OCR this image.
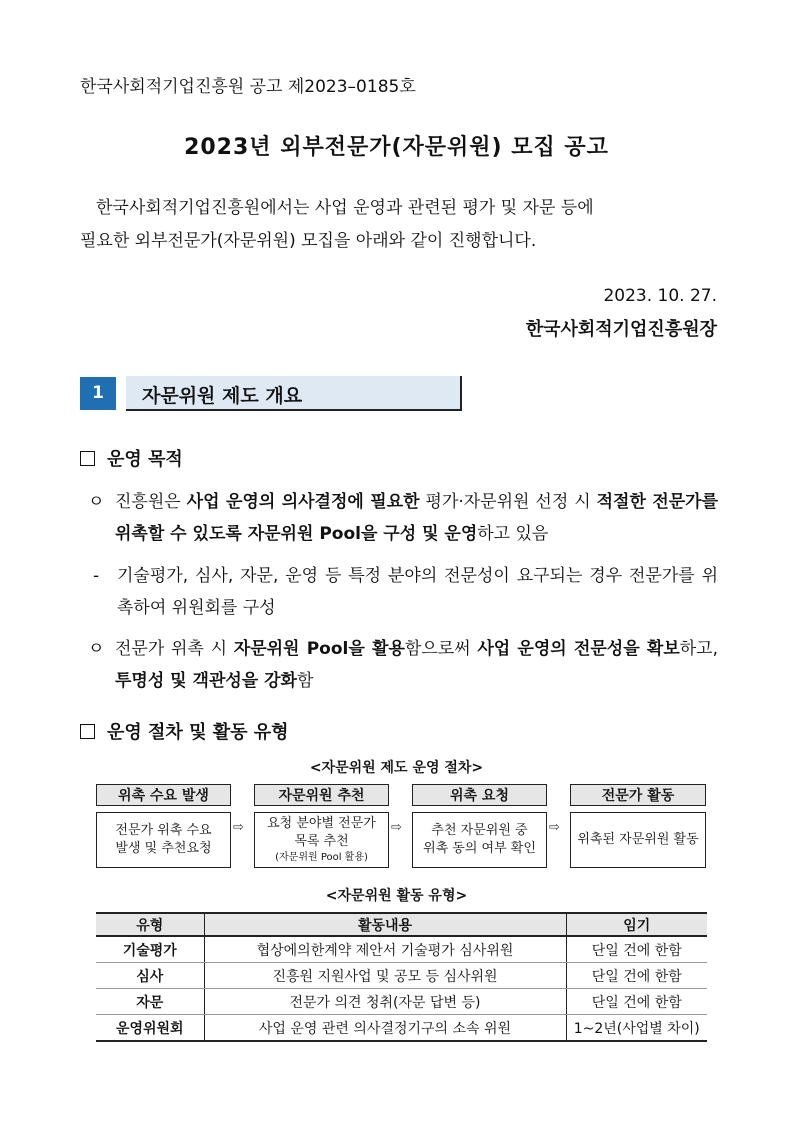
한국사회적기업진흥원 공고 제2023–0185호
2023년 외부전문가(자문위원) 모집 공고
한국사회적기업진흥원에서는 사업 운영과 관련된 평가 및 자문 등에
필요한 외부전문가(자문위원) 모집을 아래와 같이 진행합니다.
2023. 10. 27.
한국사회적기업진흥원장
1	자문위원 제도 개요
운영 목적
ㅇ 진흥원은 사업 운영의 의사결정에 필요한 평가·자문위원 선정 시 적절한 전문가를 위촉할 수 있도록 자문위원 Pool을 구성 및 운영하고 있음
- 기술평가, 심사, 자문, 운영 등 특정 분야의 전문성이 요구되는 경우 전문가를 위촉하여 위원회를 구성
ㅇ 전문가 위촉 시 자문위원 Pool을 활용함으로써 사업 운영의 전문성을 확보하고, 투명성 및 객관성을 강화함
운영 절차 및 활동 유형
<자문위원 제도 운영 절차>
위촉 수요 발생
전문가 위촉 수요
발생 및 추천요청
⇨
자문위원 추천
요청 분야별 전문가
목록 추천
(자문위원 Pool 활용)
⇨
위촉 요청
추천 자문위원 중
위촉 동의 여부 확인
⇨
전문가 활동
위촉된 자문위원 활동
<자문위원 활동 유형>
유형	활동내용	임기
기술평가	협상에의한계약 제안서 기술평가 심사위원	단일 건에 한함
심사	진흥원 지원사업 및 공모 등 심사위원	단일 건에 한함
자문	전문가 의견 청취(자문 답변 등)	단일 건에 한함
운영위원회	사업 운영 관련 의사결정기구의 소속 위원	1~2년(사업별 차이)
